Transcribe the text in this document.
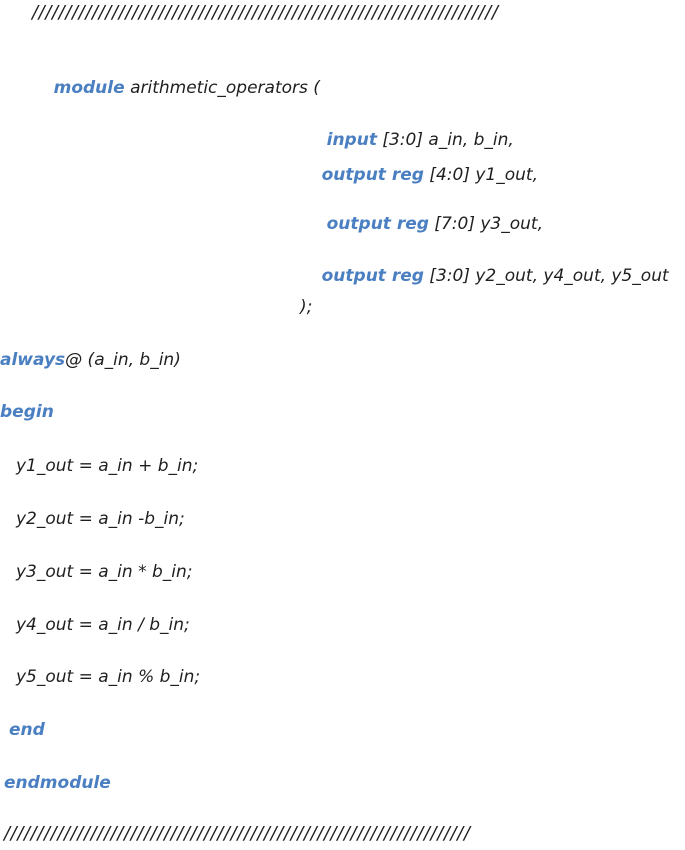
//////////////////////////////////////////////////////////////////////

module arithmetic_operators (

input [3:0] a_in, b_in,

output reg [4:0] y1_out,

output reg [7:0] y3_out,

output reg [3:0] y2_out, y4_out, y5_out

);
always@ (a_in, b_in)
begin
y1_out = a_in + b_in;
y2_out = a_in -b_in;
y3_out = a_in * b_in;
y4_out = a_in / b_in;
y5_out = a_in % b_in;
end
endmodule
//////////////////////////////////////////////////////////////////////
